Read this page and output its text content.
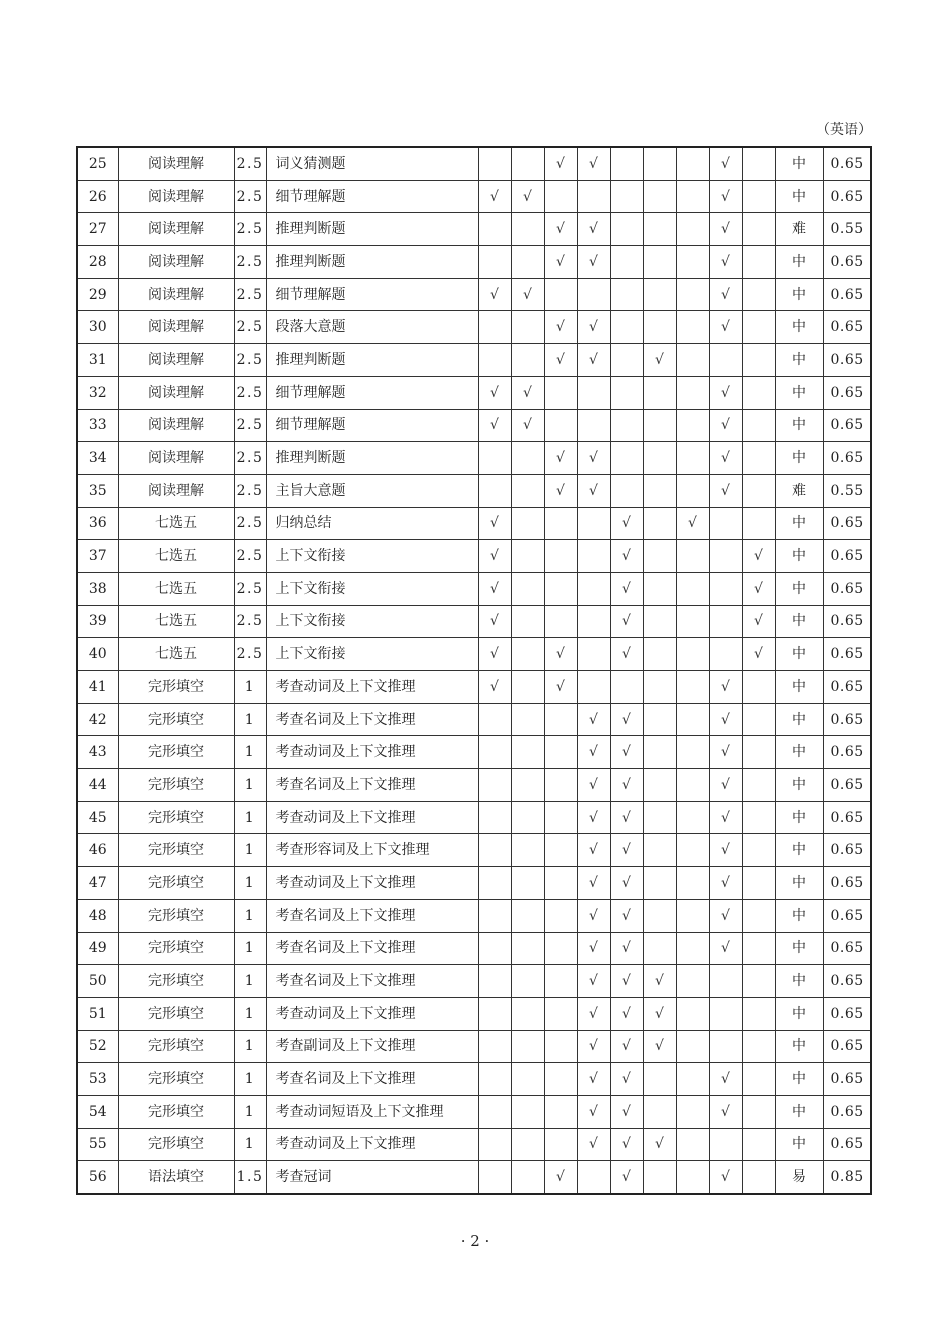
（英语）
25	阅读理解	2.5	词义猜测题			√	√				√		中	0.65
26	阅读理解	2.5	细节理解题	√	√						√		中	0.65
27	阅读理解	2.5	推理判断题			√	√				√		难	0.55
28	阅读理解	2.5	推理判断题			√	√				√		中	0.65
29	阅读理解	2.5	细节理解题	√	√						√		中	0.65
30	阅读理解	2.5	段落大意题			√	√				√		中	0.65
31	阅读理解	2.5	推理判断题			√	√		√				中	0.65
32	阅读理解	2.5	细节理解题	√	√						√		中	0.65
33	阅读理解	2.5	细节理解题	√	√						√		中	0.65
34	阅读理解	2.5	推理判断题			√	√				√		中	0.65
35	阅读理解	2.5	主旨大意题			√	√				√		难	0.55
36	七选五	2.5	归纳总结	√				√		√			中	0.65
37	七选五	2.5	上下文衔接	√				√				√	中	0.65
38	七选五	2.5	上下文衔接	√				√				√	中	0.65
39	七选五	2.5	上下文衔接	√				√				√	中	0.65
40	七选五	2.5	上下文衔接	√		√		√				√	中	0.65
41	完形填空	1	考查动词及上下文推理	√		√					√		中	0.65
42	完形填空	1	考查名词及上下文推理				√	√			√		中	0.65
43	完形填空	1	考查动词及上下文推理				√	√			√		中	0.65
44	完形填空	1	考查名词及上下文推理				√	√			√		中	0.65
45	完形填空	1	考查动词及上下文推理				√	√			√		中	0.65
46	完形填空	1	考查形容词及上下文推理				√	√			√		中	0.65
47	完形填空	1	考查动词及上下文推理				√	√			√		中	0.65
48	完形填空	1	考查名词及上下文推理				√	√			√		中	0.65
49	完形填空	1	考查名词及上下文推理				√	√			√		中	0.65
50	完形填空	1	考查名词及上下文推理				√	√	√				中	0.65
51	完形填空	1	考查动词及上下文推理				√	√	√				中	0.65
52	完形填空	1	考查副词及上下文推理				√	√	√				中	0.65
53	完形填空	1	考查名词及上下文推理				√	√			√		中	0.65
54	完形填空	1	考查动词短语及上下文推理				√	√			√		中	0.65
55	完形填空	1	考查动词及上下文推理				√	√	√				中	0.65
56	语法填空	1.5	考查冠词			√		√			√		易	0.85
· 2 ·
